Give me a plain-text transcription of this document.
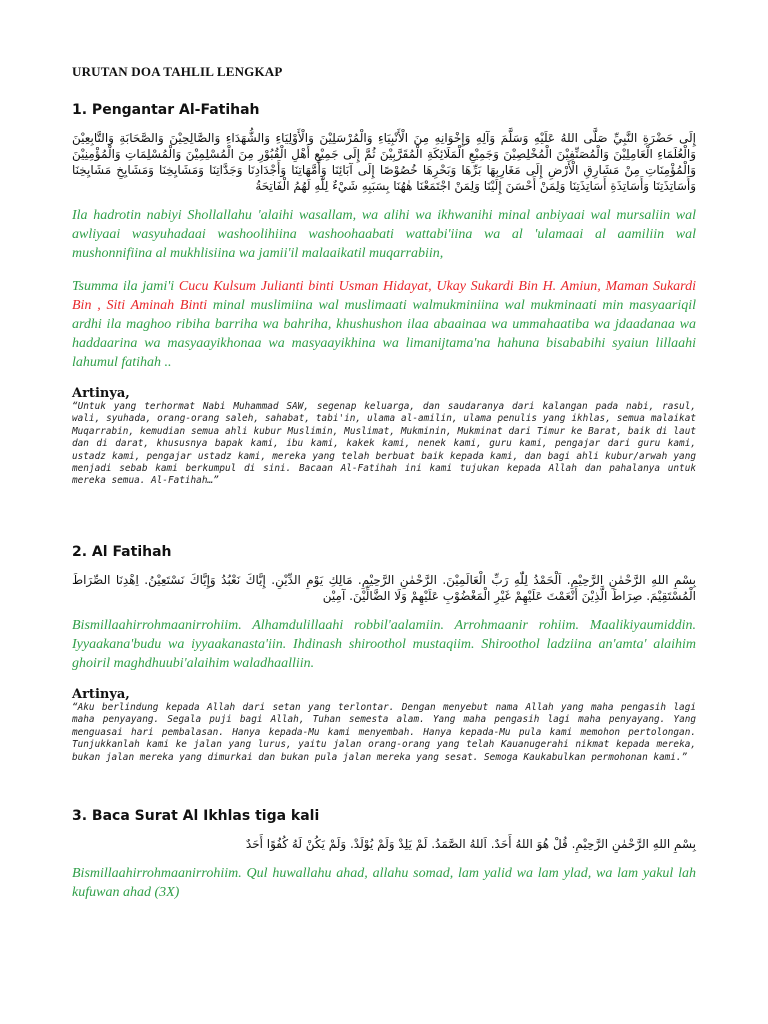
URUTAN DOA TAHLIL LENGKAP
1. Pengantar Al-Fatihah
إِلَى حَضْرَةِ النَّبِيِّ صَلَّى اللهُ عَلَيْهِ وَسَلَّمَ وَآلِهِ وَإِخْوَانِهِ مِنَ الْأَنْبِيَاءِ وَالْمُرْسَلِيْنَ وَالْأَوْلِيَاءِ وَالشُّهَدَاءِ وَالصَّالِحِيْنَ وَالصَّحَابَةِ وَالتَّابِعِيْنَ وَالْعُلَمَاءِ الْعَامِلِيْنَ وَالْمُصَنِّفِيْنَ الْمُخْلِصِيْنَ وَجَمِيْعِ الْمَلَائِكَةِ الْمُقَرَّبِيْنَ ثُمَّ إِلَى جَمِيْعِ أَهْلِ الْقُبُوْرِ مِنَ الْمُسْلِمِيْنَ وَالْمُسْلِمَاتِ وَالْمُؤْمِنِيْنَ وَالْمُؤْمِنَاتِ مِنْ مَشَارِقِ الْأَرْضِ إِلَى مَغَارِبِهَا بَرِّهَا وَبَحْرِهَا خُصُوْصًا إِلَى آبَائِنَا وَأُمَّهَاتِنَا وَأَجْدَادِنَا وَجَدَّاتِنَا وَمَشَايِخِنَا وَمَشَايِخِ مَشَايِخِنَا وَأَسَاتِذَتِنَا وَأَسَاتِذَةِ أَسَاتِذَتِنَا وَلِمَنْ أَحْسَنَ إِلَيْنَا وَلِمَنْ اجْتَمَعْنَا هٰهُنَا بِسَبَبِهِ شَيْءٌ لِلّٰهِ لَهُمُ الْفَاتِحَةُ

Ila hadrotin nabiyi Shollallahu 'alaihi wasallam, wa alihi wa ikhwanihi minal anbiyaai wal mursaliin wal awliyaai wasyuhadaai washoolihiina washoohaabati wattabi'iina wa al 'ulamaai al aamiliin wal mushonnifiina al mukhlisiina wa jamii'il malaaikatil muqarrabiin,

Tsumma ila jami'i Cucu Kulsum Julianti binti Usman Hidayat, Ukay Sukardi Bin H. Amiun, Maman Sukardi Bin , Siti Aminah Binti minal muslimiina wal muslimaati walmukminiina wal mukminaati min masyaariqil ardhi ila maghoo ribiha barriha wa bahriha, khushushon ilaa abaainaa wa ummahaatiba wa jdaadanaa wa haddaarina wa masyaayikhonaa wa masyaayikhina wa limanijtama'na hahuna bisababihi syaiun lillaahi lahumul fatihah ..

Artinya,
“Untuk yang terhormat Nabi Muhammad SAW, segenap keluarga, dan saudaranya dari kalangan pada nabi, rasul, wali, syuhada, orang-orang saleh, sahabat, tabi'in, ulama al-amilin, ulama penulis yang ikhlas, semua malaikat Muqarrabin, kemudian semua ahli kubur Muslimin, Muslimat, Mukminin, Mukminat dari Timur ke Barat, baik di laut dan di darat, khususnya bapak kami, ibu kami, kakek kami, nenek kami, guru kami, pengajar dari guru kami, ustadz kami, pengajar ustadz kami, mereka yang telah berbuat baik kepada kami, dan bagi ahli kubur/arwah yang menjadi sebab kami berkumpul di sini. Bacaan Al-Fatihah ini kami tujukan kepada Allah dan pahalanya untuk mereka semua. Al-Fatihah…”
2. Al Fatihah
بِسْمِ اللهِ الرَّحْمٰنِ الرَّحِيْمِ. اَلْحَمْدُ لِلّٰهِ رَبِّ الْعَالَمِيْنَ. الرَّحْمٰنِ الرَّحِيْمِ. مَالِكِ يَوْمِ الدِّيْنِ. إِيَّاكَ نَعْبُدُ وَإِيَّاكَ نَسْتَعِيْنُ. اِهْدِنَا الصِّرَاطَ الْمُسْتَقِيْمَ. صِرَاطَ الَّذِيْنَ أَنْعَمْتَ عَلَيْهِمْ غَيْرِ الْمَغْضُوْبِ عَلَيْهِمْ وَلَا الضَّالِّيْنَ. آمِيْن

Bismillaahirrohmaanirrohiim. Alhamdulillaahi robbil'aalamiin. Arrohmaanir rohiim. Maalikiyaumiddin. Iyyaakana'budu wa iyyaakanasta'iin. Ihdinash shiroothol mustaqiim. Shiroothol ladziina an'amta' alaihim ghoiril maghdhuubi'alaihim waladhaalliin.

Artinya,
“Aku berlindung kepada Allah dari setan yang terlontar. Dengan menyebut nama Allah yang maha pengasih lagi maha penyayang. Segala puji bagi Allah, Tuhan semesta alam. Yang maha pengasih lagi maha penyayang. Yang menguasai hari pembalasan. Hanya kepada-Mu kami menyembah. Hanya kepada-Mu pula kami memohon pertolongan. Tunjukkanlah kami ke jalan yang lurus, yaitu jalan orang-orang yang telah Kauanugerahi nikmat kepada mereka, bukan jalan mereka yang dimurkai dan bukan pula jalan mereka yang sesat. Semoga Kaukabulkan permohonan kami.”
3. Baca Surat Al Ikhlas tiga kali
بِسْمِ اللهِ الرَّحْمٰنِ الرَّحِيْمِ. قُلْ هُوَ اللهُ أَحَدٌ. اَللهُ الصَّمَدُ. لَمْ يَلِدْ وَلَمْ يُوْلَدْ. وَلَمْ يَكُنْ لَهُ كُفُوًا أَحَدٌ

Bismillaahirrohmaanirrohiim. Qul huwallahu ahad, allahu somad, lam yalid wa lam ylad, wa lam yakul lah kufuwan ahad (3X)
